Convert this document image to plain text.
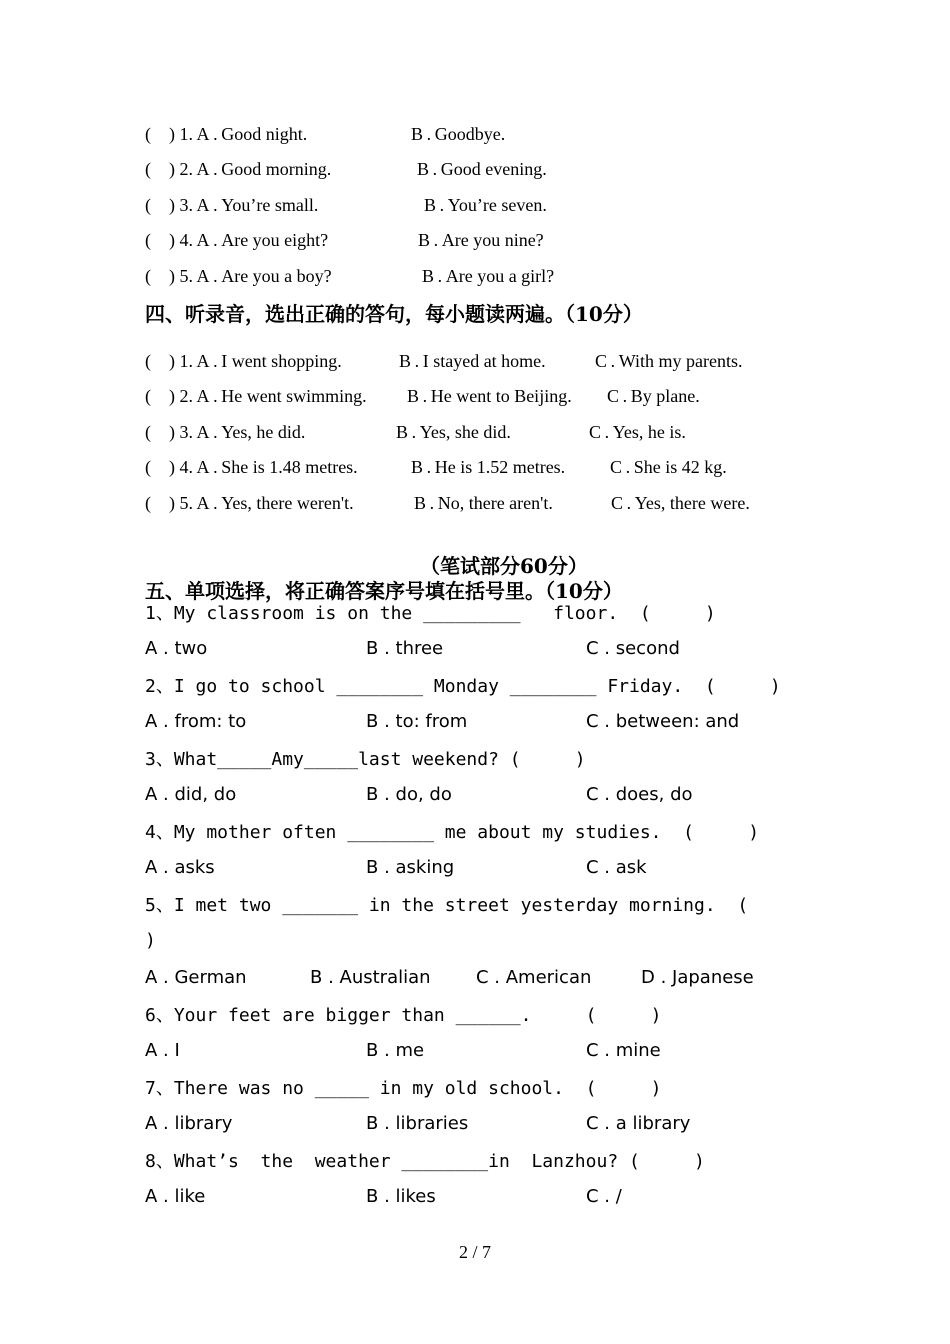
(    ) 1. A . Good night.	B . Goodbye.
(    ) 2. A . Good morning.	B . Good evening.
(    ) 3. A . You’re small.	B . You’re seven.
(    ) 4. A . Are you eight?	B . Are you nine?
(    ) 5. A . Are you a boy?	B . Are you a girl?
四、听录音，选出正确的答句，每小题读两遍。（10分）
(    ) 1. A . I went shopping.	B . I stayed at home.	C . With my parents.
(    ) 2. A . He went swimming. B . He went to Beijing. C . By plane.
(    ) 3. A . Yes, he did.	B . Yes, she did.	C . Yes, he is.
(    ) 4. A . She is 1.48 metres.	B . He is 1.52 metres. C . She is 42 kg.
(    ) 5. A . Yes, there weren't.	B . No, there aren't.	C . Yes, there were.
（笔试部分60分）
五、单项选择，将正确答案序号填在括号里。（10分）
1、My classroom is on the _________   floor.  (     )
A . two	B . three	C . second
2、I go to school ________ Monday ________ Friday.  (     )
A . from: to	B . to: from	C . between: and
3、What_____Amy_____last weekend? (     )
A . did, do	B . do, do	C . does, do
4、My mother often ________ me about my studies.  (     )
A . asks	B . asking	C . ask
5、I met two _______ in the street yesterday morning.  (
)
A . German	B . Australian	C . American	D . Japanese
6、Your feet are bigger than ______.     (     )
A . I	B . me	C . mine
7、There was no _____ in my old school.  (     )
A . library	B . libraries	C . a library
8、What’s  the  weather ________in  Lanzhou? (     )
A . like	B . likes	C . /
2 / 7
